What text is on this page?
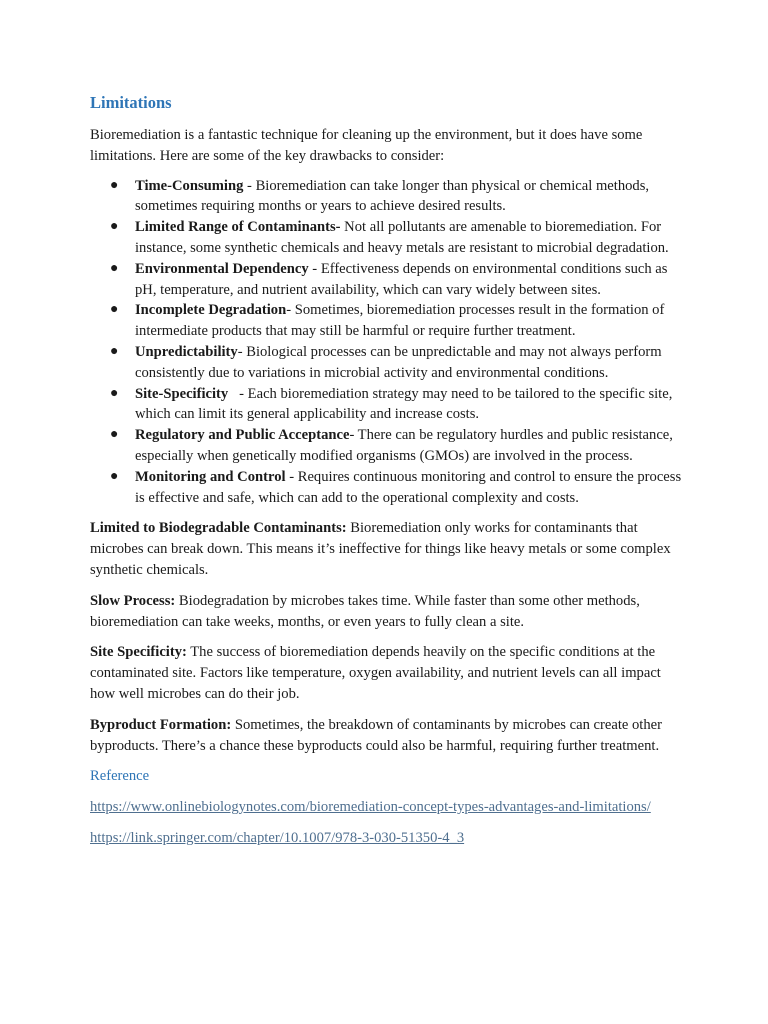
Limitations

Bioremediation is a fantastic technique for cleaning up the environment, but it does have some limitations. Here are some of the key drawbacks to consider:

● Time-Consuming - Bioremediation can take longer than physical or chemical methods, sometimes requiring months or years to achieve desired results.
● Limited Range of Contaminants- Not all pollutants are amenable to bioremediation. For instance, some synthetic chemicals and heavy metals are resistant to microbial degradation.
● Environmental Dependency - Effectiveness depends on environmental conditions such as pH, temperature, and nutrient availability, which can vary widely between sites.
● Incomplete Degradation- Sometimes, bioremediation processes result in the formation of intermediate products that may still be harmful or require further treatment.
● Unpredictability- Biological processes can be unpredictable and may not always perform consistently due to variations in microbial activity and environmental conditions.
● Site-Specificity   - Each bioremediation strategy may need to be tailored to the specific site, which can limit its general applicability and increase costs.
● Regulatory and Public Acceptance- There can be regulatory hurdles and public resistance, especially when genetically modified organisms (GMOs) are involved in the process.
● Monitoring and Control - Requires continuous monitoring and control to ensure the process is effective and safe, which can add to the operational complexity and costs.

Limited to Biodegradable Contaminants: Bioremediation only works for contaminants that microbes can break down. This means it’s ineffective for things like heavy metals or some complex synthetic chemicals.

Slow Process: Biodegradation by microbes takes time. While faster than some other methods, bioremediation can take weeks, months, or even years to fully clean a site.

Site Specificity: The success of bioremediation depends heavily on the specific conditions at the contaminated site. Factors like temperature, oxygen availability, and nutrient levels can all impact how well microbes can do their job.

Byproduct Formation: Sometimes, the breakdown of contaminants by microbes can create other byproducts. There’s a chance these byproducts could also be harmful, requiring further treatment.

Reference

https://www.onlinebiologynotes.com/bioremediation-concept-types-advantages-and-limitations/
https://link.springer.com/chapter/10.1007/978-3-030-51350-4_3
